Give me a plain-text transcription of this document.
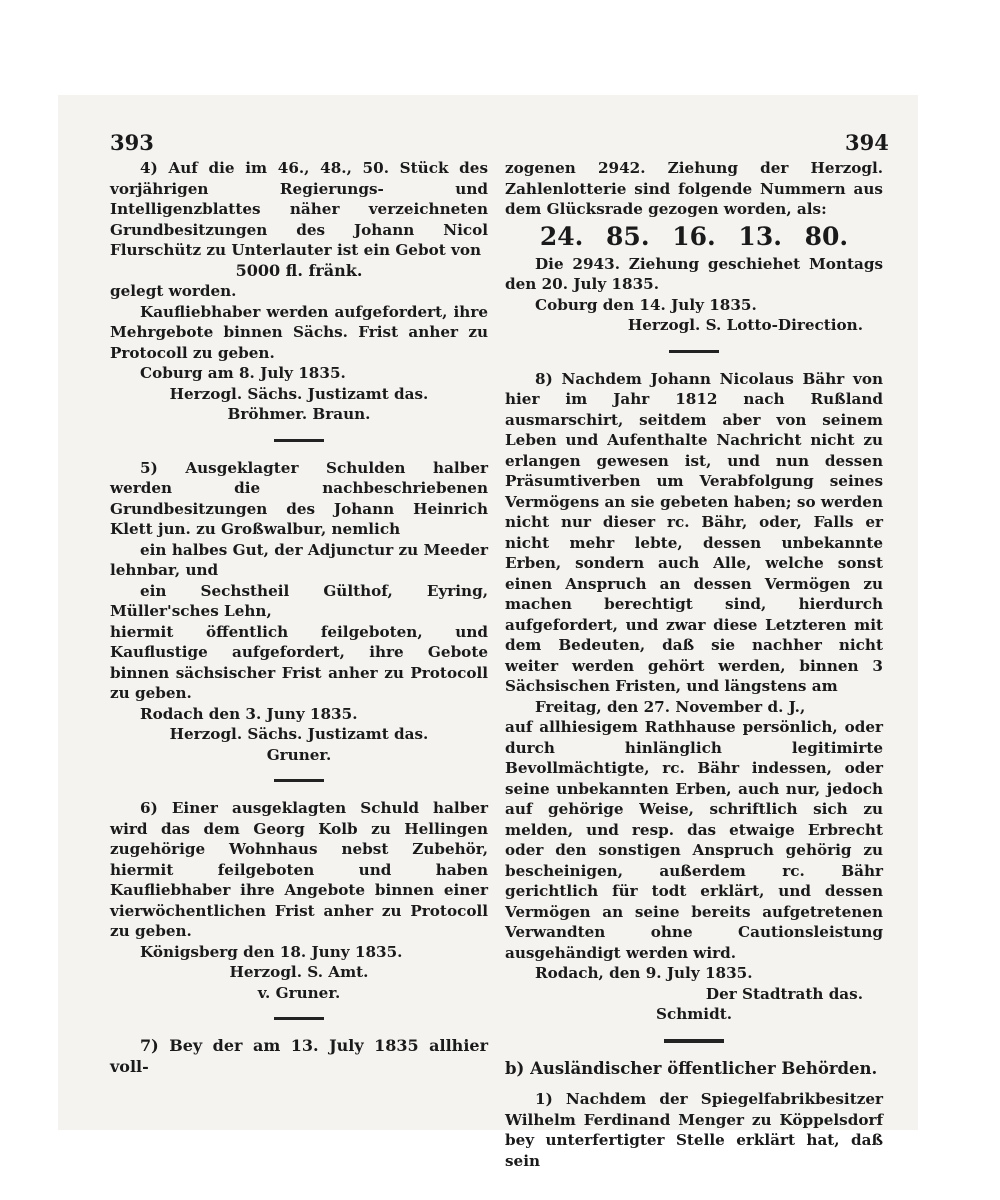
393	394

4) Auf die im 46., 48., 50. Stück des vorjährigen Regierungs- und Intelligenzblattes näher verzeichneten Grundbesitzungen des Johann Nicol Flurschütz zu Unterlauter ist ein Gebot von

5000 fl. fränk.

gelegt worden.

Kaufliebhaber werden aufgefordert, ihre Mehrgebote binnen Sächs. Frist anher zu Protocoll zu geben.

Coburg am 8. July 1835.

Herzogl. Sächs. Justizamt das.

Bröhmer. Braun.

5) Ausgeklagter Schulden halber werden die nachbeschriebenen Grundbesitzungen des Johann Heinrich Klett jun. zu Großwalbur, nemlich

ein halbes Gut, der Adjunctur zu Meeder lehnbar, und

ein Sechstheil Gülthof, Eyring, Müller'sches Lehn,

hiermit öffentlich feilgeboten, und Kauflustige aufgefordert, ihre Gebote binnen sächsischer Frist anher zu Protocoll zu geben.

Rodach den 3. Juny 1835.

Herzogl. Sächs. Justizamt das.

Gruner.

6) Einer ausgeklagten Schuld halber wird das dem Georg Kolb zu Hellingen zugehörige Wohnhaus nebst Zubehör, hiermit feilgeboten und haben Kaufliebhaber ihre Angebote binnen einer vierwöchentlichen Frist anher zu Protocoll zu geben.

Königsberg den 18. Juny 1835.

Herzogl. S. Amt.

v. Gruner.

7) Bey der am 13. July 1835 allhier voll-

zogenen 2942. Ziehung der Herzogl. Zahlenlotterie sind folgende Nummern aus dem Glücksrade gezogen worden, als:

24. 85. 16. 13. 80.

Die 2943. Ziehung geschiehet Montags den 20. July 1835.

Coburg den 14. July 1835.

Herzogl. S. Lotto-Direction.

8) Nachdem Johann Nicolaus Bähr von hier im Jahr 1812 nach Rußland ausmarschirt, seitdem aber von seinem Leben und Aufenthalte Nachricht nicht zu erlangen gewesen ist, und nun dessen Präsumtiverben um Verabfolgung seines Vermögens an sie gebeten haben; so werden nicht nur dieser rc. Bähr, oder, Falls er nicht mehr lebte, dessen unbekannte Erben, sondern auch Alle, welche sonst einen Anspruch an dessen Vermögen zu machen berechtigt sind, hierdurch aufgefordert, und zwar diese Letzteren mit dem Bedeuten, daß sie nachher nicht weiter werden gehört werden, binnen 3 Sächsischen Fristen, und längstens am

Freitag, den 27. November d. J.,

auf allhiesigem Rathhause persönlich, oder durch hinlänglich legitimirte Bevollmächtigte, rc. Bähr indessen, oder seine unbekannten Erben, auch nur, jedoch auf gehörige Weise, schriftlich sich zu melden, und resp. das etwaige Erbrecht oder den sonstigen Anspruch gehörig zu bescheinigen, außerdem rc. Bähr gerichtlich für todt erklärt, und dessen Vermögen an seine bereits aufgetretenen Verwandten ohne Cautionsleistung ausgehändigt werden wird.

Rodach, den 9. July 1835.

Der Stadtrath das.

Schmidt.

b) Ausländischer öffentlicher Behörden.

1) Nachdem der Spiegelfabrikbesitzer Wilhelm Ferdinand Menger zu Köppelsdorf bey unterfertigter Stelle erklärt hat, daß sein
